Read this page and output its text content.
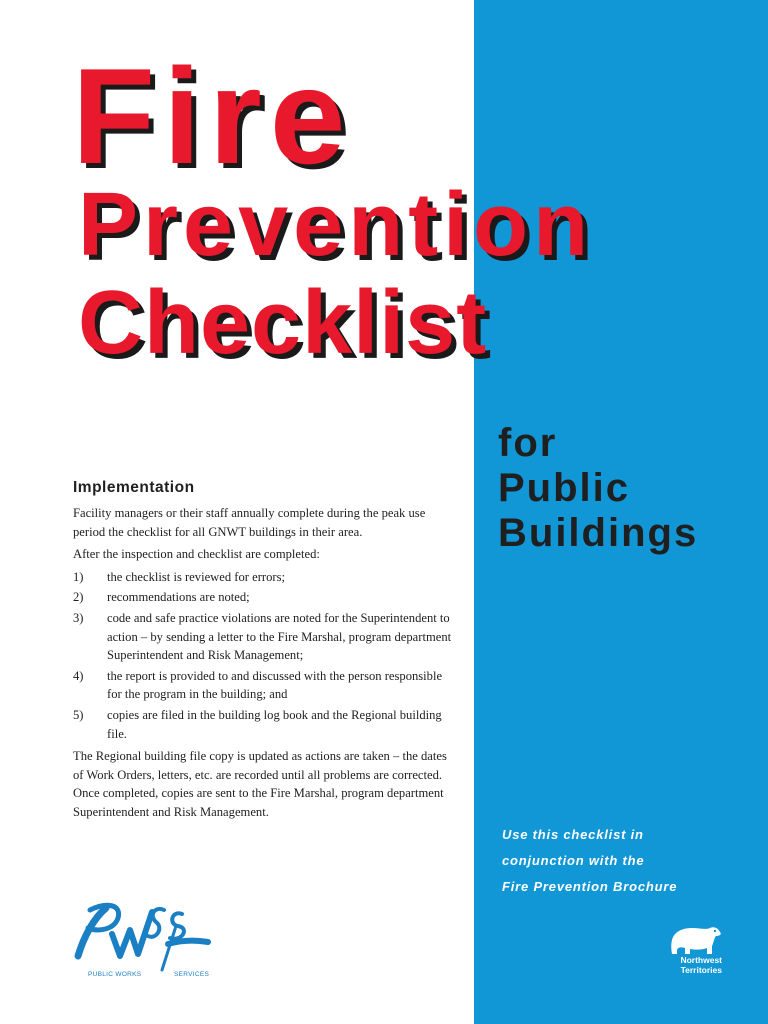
Fire
Prevention
Checklist
for
Public
Buildings
Implementation

Facility managers or their staff annually complete during the peak use period the checklist for all GNWT buildings in their area.

After the inspection and checklist are completed:

1)	the checklist is reviewed for errors;
2)	recommendations are noted;
3)	code and safe practice violations are noted for the Superintendent to action – by sending a letter to the Fire Marshal, program department Superintendent and Risk Management;
4)	the report is provided to and discussed with the person responsible for the program in the building; and
5)	copies are filed in the building log book and the Regional building file.

The Regional building file copy is updated as actions are taken – the dates of Work Orders, letters, etc. are recorded until all problems are corrected. Once completed, copies are sent to the Fire Marshal, program department Superintendent and Risk Management.

Use this checklist in
conjunction with the
Fire Prevention Brochure
PUBLIC WORKS	SERVICES
Northwest
Territories
